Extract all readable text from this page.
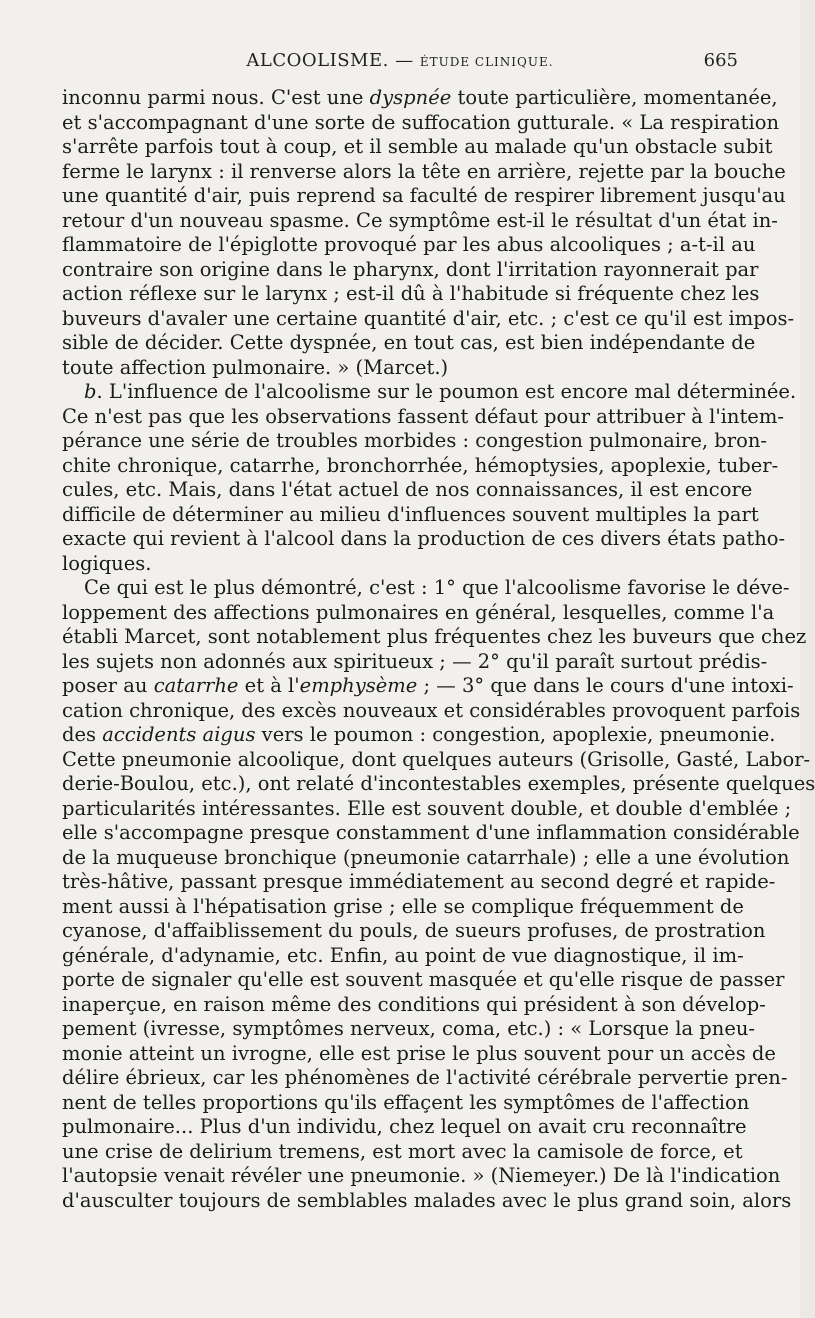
ALCOOLISME. — ÉTUDE CLINIQUE.	665
inconnu parmi nous. C'est une dyspnée toute particulière, momentanée,
et s'accompagnant d'une sorte de suffocation gutturale. « La respiration
s'arrête parfois tout à coup, et il semble au malade qu'un obstacle subit
ferme le larynx : il renverse alors la tête en arrière, rejette par la bouche
une quantité d'air, puis reprend sa faculté de respirer librement jusqu'au
retour d'un nouveau spasme. Ce symptôme est-il le résultat d'un état in-
flammatoire de l'épiglotte provoqué par les abus alcooliques ; a-t-il au
contraire son origine dans le pharynx, dont l'irritation rayonnerait par
action réflexe sur le larynx ; est-il dû à l'habitude si fréquente chez les
buveurs d'avaler une certaine quantité d'air, etc. ; c'est ce qu'il est impos-
sible de décider. Cette dyspnée, en tout cas, est bien indépendante de
toute affection pulmonaire. » (Marcet.)
b. L'influence de l'alcoolisme sur le poumon est encore mal déterminée.
Ce n'est pas que les observations fassent défaut pour attribuer à l'intem-
pérance une série de troubles morbides : congestion pulmonaire, bron-
chite chronique, catarrhe, bronchorrhée, hémoptysies, apoplexie, tuber-
cules, etc. Mais, dans l'état actuel de nos connaissances, il est encore
difficile de déterminer au milieu d'influences souvent multiples la part
exacte qui revient à l'alcool dans la production de ces divers états patho-
logiques.
Ce qui est le plus démontré, c'est : 1° que l'alcoolisme favorise le déve-
loppement des affections pulmonaires en général, lesquelles, comme l'a
établi Marcet, sont notablement plus fréquentes chez les buveurs que chez
les sujets non adonnés aux spiritueux ; — 2° qu'il paraît surtout prédis-
poser au catarrhe et à l'emphysème ; — 3° que dans le cours d'une intoxi-
cation chronique, des excès nouveaux et considérables provoquent parfois
des accidents aigus vers le poumon : congestion, apoplexie, pneumonie.
Cette pneumonie alcoolique, dont quelques auteurs (Grisolle, Gasté, Labor-
derie-Boulou, etc.), ont relaté d'incontestables exemples, présente quelques
particularités intéressantes. Elle est souvent double, et double d'emblée ;
elle s'accompagne presque constamment d'une inflammation considérable
de la muqueuse bronchique (pneumonie catarrhale) ; elle a une évolution
très-hâtive, passant presque immédiatement au second degré et rapide-
ment aussi à l'hépatisation grise ; elle se complique fréquemment de
cyanose, d'affaiblissement du pouls, de sueurs profuses, de prostration
générale, d'adynamie, etc. Enfin, au point de vue diagnostique, il im-
porte de signaler qu'elle est souvent masquée et qu'elle risque de passer
inaperçue, en raison même des conditions qui président à son dévelop-
pement (ivresse, symptômes nerveux, coma, etc.) : « Lorsque la pneu-
monie atteint un ivrogne, elle est prise le plus souvent pour un accès de
délire ébrieux, car les phénomènes de l'activité cérébrale pervertie pren-
nent de telles proportions qu'ils effaçent les symptômes de l'affection
pulmonaire... Plus d'un individu, chez lequel on avait cru reconnaître
une crise de delirium tremens, est mort avec la camisole de force, et
l'autopsie venait révéler une pneumonie. » (Niemeyer.) De là l'indication
d'ausculter toujours de semblables malades avec le plus grand soin, alors
